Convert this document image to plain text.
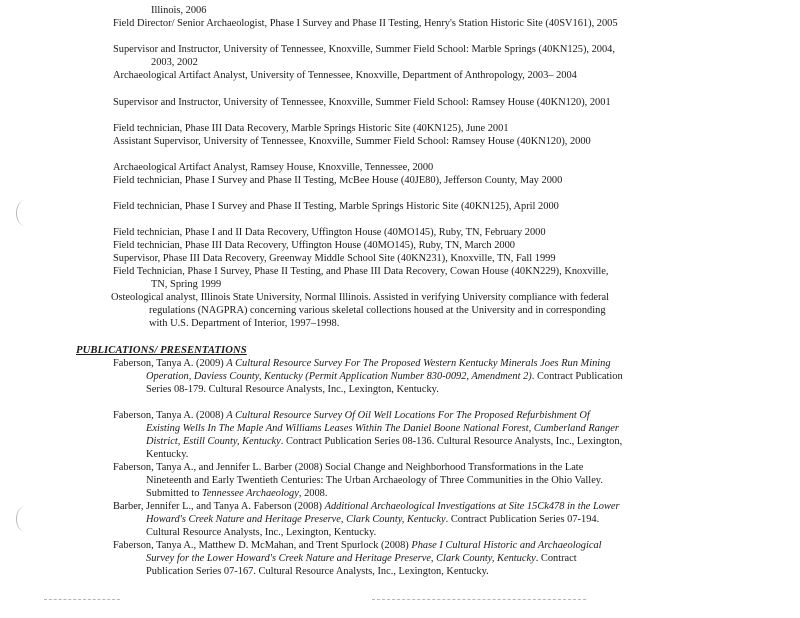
Illinois, 2006
Field Director/ Senior Archaeologist, Phase I Survey and Phase II Testing, Henry's Station Historic Site (40SV161), 2005
Supervisor and Instructor, University of Tennessee, Knoxville, Summer Field School: Marble Springs (40KN125), 2004, 2003, 2002
Archaeological Artifact Analyst, University of Tennessee, Knoxville, Department of Anthropology, 2003– 2004
Supervisor and Instructor, University of Tennessee, Knoxville, Summer Field School: Ramsey House (40KN120), 2001
Field technician, Phase III Data Recovery, Marble Springs Historic Site (40KN125), June 2001
Assistant Supervisor, University of Tennessee, Knoxville, Summer Field School: Ramsey House (40KN120), 2000
Archaeological Artifact Analyst, Ramsey House, Knoxville, Tennessee, 2000
Field technician, Phase I Survey and Phase II Testing, McBee House (40JE80), Jefferson County, May 2000
Field technician, Phase I Survey and Phase II Testing, Marble Springs Historic Site (40KN125), April 2000
Field technician, Phase I and II Data Recovery, Uffington House (40MO145), Ruby, TN, February 2000
Field technician, Phase III Data Recovery, Uffington House (40MO145), Ruby, TN, March 2000
Supervisor, Phase III Data Recovery, Greenway Middle School Site (40KN231), Knoxville, TN, Fall 1999
Field Technician, Phase I Survey, Phase II Testing, and Phase III Data Recovery, Cowan House (40KN229), Knoxville, TN, Spring 1999
Osteological analyst, Illinois State University, Normal Illinois. Assisted in verifying University compliance with federal regulations (NAGPRA) concerning various skeletal collections housed at the University and in corresponding with U.S. Department of Interior, 1997–1998.
PUBLICATIONS/ PRESENTATIONS
Faberson, Tanya A. (2009) A Cultural Resource Survey For The Proposed Western Kentucky Minerals Joes Run Mining Operation, Daviess County, Kentucky (Permit Application Number 830-0092, Amendment 2). Contract Publication Series 08-179. Cultural Resource Analysts, Inc., Lexington, Kentucky.
Faberson, Tanya A. (2008) A Cultural Resource Survey Of Oil Well Locations For The Proposed Refurbishment Of Existing Wells In The Maple And Williams Leases Within The Daniel Boone National Forest, Cumberland Ranger District, Estill County, Kentucky. Contract Publication Series 08-136. Cultural Resource Analysts, Inc., Lexington, Kentucky.
Faberson, Tanya A., and Jennifer L. Barber (2008) Social Change and Neighborhood Transformations in the Late Nineteenth and Early Twentieth Centuries: The Urban Archaeology of Three Communities in the Ohio Valley. Submitted to Tennessee Archaeology, 2008.
Barber, Jennifer L., and Tanya A. Faberson (2008) Additional Archaeological Investigations at Site 15Ck478 in the Lower Howard's Creek Nature and Heritage Preserve, Clark County, Kentucky. Contract Publication Series 07-194. Cultural Resource Analysts, Inc., Lexington, Kentucky.
Faberson, Tanya A., Matthew D. McMahan, and Trent Spurlock (2008) Phase I Cultural Historic and Archaeological Survey for the Lower Howard's Creek Nature and Heritage Preserve, Clark County, Kentucky. Contract Publication Series 07-167. Cultural Resource Analysts, Inc., Lexington, Kentucky.
